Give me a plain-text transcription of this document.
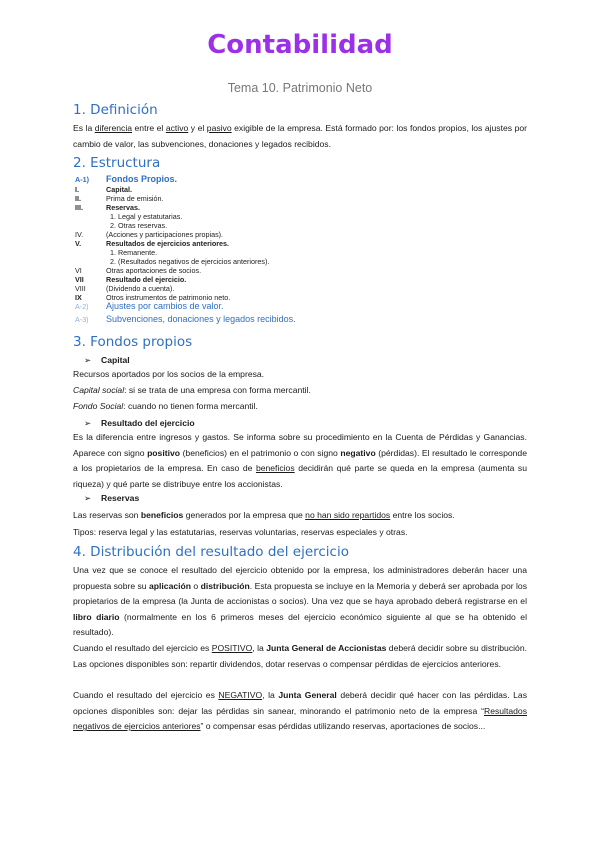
Contabilidad
Tema 10. Patrimonio Neto
1. Definición
Es la diferencia entre el activo y el pasivo exigible de la empresa. Está formado por: los fondos propios, los ajustes por cambio de valor, las subvenciones, donaciones y legados recibidos.
2. Estructura
A-1) Fondos Propios.
I.	Capital.
II.	Prima de emisión.
III.	Reservas.
1. Legal y estatutarias.
2. Otras reservas.
IV.	(Acciones y participaciones propias).
V.	Resultados de ejercicios anteriores.
1. Remanente.
2. (Resultados negativos de ejercicios anteriores).
VI	Otras aportaciones de socios.
VII	Resultado del ejercicio.
VIII	(Dividendo a cuenta).
IX	Otros instrumentos de patrimonio neto.
A-2) Ajustes por cambios de valor.
A-3) Subvenciones, donaciones y legados recibidos.
3. Fondos propios
➢ Capital
Recursos aportados por los socios de la empresa.
Capital social: si se trata de una empresa con forma mercantil.
Fondo Social: cuando no tienen forma mercantil.
➢ Resultado del ejercicio
Es la diferencia entre ingresos y gastos. Se informa sobre su procedimiento en la Cuenta de Pérdidas y Ganancias. Aparece con signo positivo (beneficios) en el patrimonio o con signo negativo (pérdidas). El resultado le corresponde a los propietarios de la empresa. En caso de beneficios decidirán qué parte se queda en la empresa (aumenta su riqueza) y qué parte se distribuye entre los accionistas.
➢ Reservas
Las reservas son beneficios generados por la empresa que no han sido repartidos entre los socios.
Tipos: reserva legal y las estatutarias, reservas voluntarias, reservas especiales y otras.
4. Distribución del resultado del ejercicio
Una vez que se conoce el resultado del ejercicio obtenido por la empresa, los administradores deberán hacer una propuesta sobre su aplicación o distribución. Esta propuesta se incluye en la Memoria y deberá ser aprobada por los propietarios de la empresa (la Junta de accionistas o socios). Una vez que se haya aprobado deberá registrarse en el libro diario (normalmente en los 6 primeros meses del ejercicio económico siguiente al que se ha obtenido el resultado).
Cuando el resultado del ejercicio es POSITIVO, la Junta General de Accionistas deberá decidir sobre su distribución. Las opciones disponibles son: repartir dividendos, dotar reservas o compensar pérdidas de ejercicios anteriores.
Cuando el resultado del ejercicio es NEGATIVO, la Junta General deberá decidir qué hacer con las pérdidas. Las opciones disponibles son: dejar las pérdidas sin sanear, minorando el patrimonio neto de la empresa “Resultados negativos de ejercicios anteriores” o compensar esas pérdidas utilizando reservas, aportaciones de socios...
